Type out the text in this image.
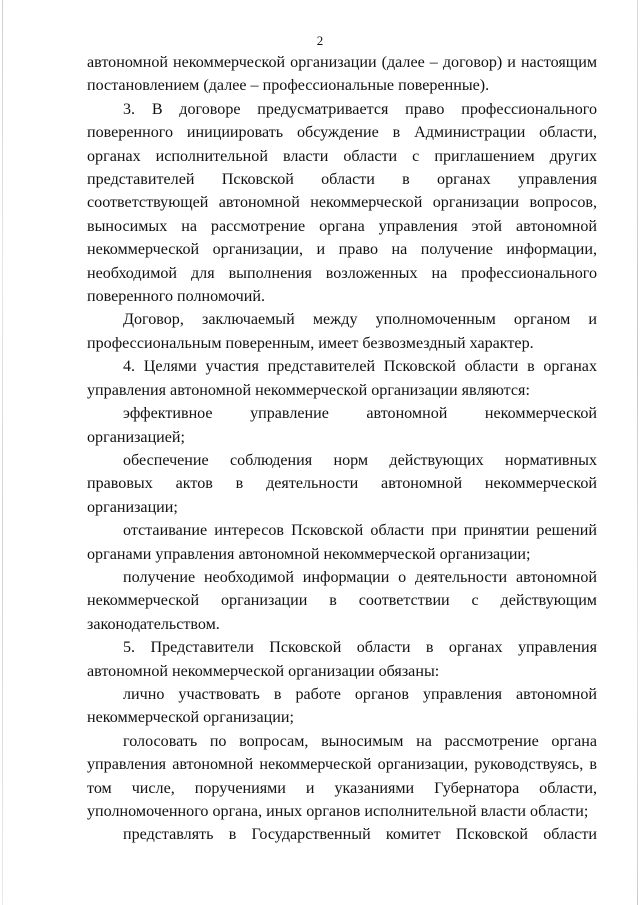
2

автономной некоммерческой организации (далее – договор) и настоящим постановлением (далее – профессиональные поверенные).

3. В договоре предусматривается право профессионального поверенного инициировать обсуждение в Администрации области, органах исполнительной власти области с приглашением других представителей Псковской области в органах управления соответствующей автономной некоммерческой организации вопросов, выносимых на рассмотрение органа управления этой автономной некоммерческой организации, и право на получение информации, необходимой для выполнения возложенных на профессионального поверенного полномочий.

Договор, заключаемый между уполномоченным органом и профессиональным поверенным, имеет безвозмездный характер.

4. Целями участия представителей Псковской области в органах управления автономной некоммерческой организации являются:

эффективное управление автономной некоммерческой организацией;

обеспечение соблюдения норм действующих нормативных правовых актов в деятельности автономной некоммерческой организации;

отстаивание интересов Псковской области при принятии решений органами управления автономной некоммерческой организации;

получение необходимой информации о деятельности автономной некоммерческой организации в соответствии с действующим законодательством.

5. Представители Псковской области в органах управления автономной некоммерческой организации обязаны:

лично участвовать в работе органов управления автономной некоммерческой организации;

голосовать по вопросам, выносимым на рассмотрение органа управления автономной некоммерческой организации, руководствуясь, в том числе, поручениями и указаниями Губернатора области, уполномоченного органа, иных органов исполнительной власти области;

представлять в Государственный комитет Псковской области
